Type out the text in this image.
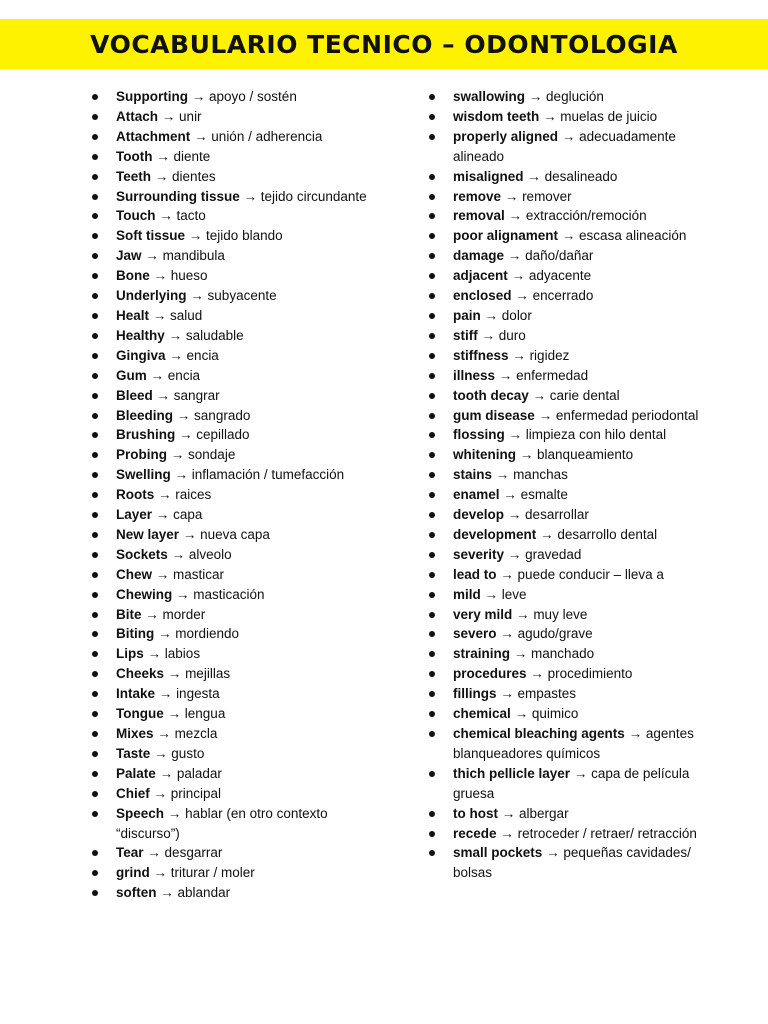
VOCABULARIO TECNICO – ODONTOLOGIA
Supporting → apoyo / sostén
Attach → unir
Attachment → unión / adherencia
Tooth → diente
Teeth → dientes
Surrounding tissue → tejido circundante
Touch → tacto
Soft tissue → tejido blando
Jaw → mandibula
Bone → hueso
Underlying → subyacente
Healt → salud
Healthy → saludable
Gingiva → encia
Gum → encia
Bleed → sangrar
Bleeding → sangrado
Brushing → cepillado
Probing → sondaje
Swelling → inflamación / tumefacción
Roots → raices
Layer → capa
New layer → nueva capa
Sockets → alveolo
Chew → masticar
Chewing → masticación
Bite → morder
Biting → mordiendo
Lips → labios
Cheeks → mejillas
Intake → ingesta
Tongue → lengua
Mixes → mezcla
Taste → gusto
Palate → paladar
Chief → principal
Speech → hablar (en otro contexto “discurso”)
Tear → desgarrar
grind → triturar / moler
soften → ablandar
swallowing → deglución
wisdom teeth → muelas de juicio
properly aligned → adecuadamente alineado
misaligned → desalineado
remove → remover
removal → extracción/remoción
poor alignament → escasa alineación
damage → daño/dañar
adjacent → adyacente
enclosed → encerrado
pain → dolor
stiff → duro
stiffness → rigidez
illness → enfermedad
tooth decay → carie dental
gum disease → enfermedad periodontal
flossing → limpieza con hilo dental
whitening → blanqueamiento
stains → manchas
enamel → esmalte
develop → desarrollar
development → desarrollo dental
severity → gravedad
lead to → puede conducir – lleva a
mild → leve
very mild → muy leve
severo → agudo/grave
straining → manchado
procedures → procedimiento
fillings → empastes
chemical → quimico
chemical bleaching agents → agentes blanqueadores químicos
thich pellicle layer → capa de película gruesa
to host → albergar
recede → retroceder / retraer/ retracción
small pockets → pequeñas cavidades/ bolsas
